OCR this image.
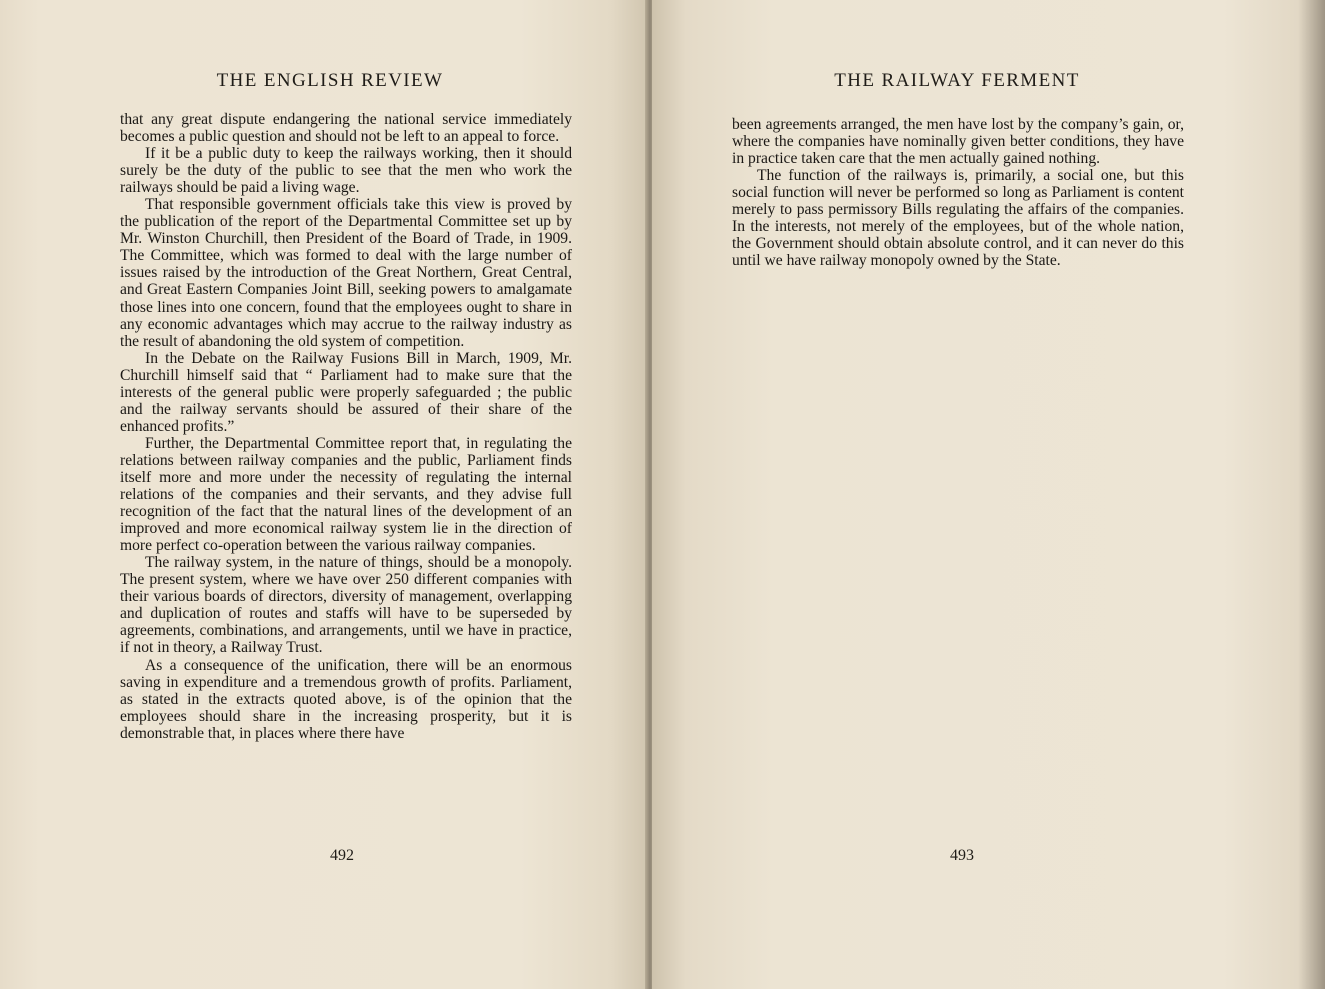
THE ENGLISH REVIEW

that any great dispute endangering the national service immediately becomes a public question and should not be left to an appeal to force.

If it be a public duty to keep the railways working, then it should surely be the duty of the public to see that the men who work the railways should be paid a living wage.

That responsible government officials take this view is proved by the publication of the report of the Departmental Committee set up by Mr. Winston Churchill, then President of the Board of Trade, in 1909. The Committee, which was formed to deal with the large number of issues raised by the introduction of the Great Northern, Great Central, and Great Eastern Companies Joint Bill, seeking powers to amalgamate those lines into one concern, found that the employees ought to share in any economic advantages which may accrue to the railway industry as the result of abandoning the old system of competition.

In the Debate on the Railway Fusions Bill in March, 1909, Mr. Churchill himself said that “ Parliament had to make sure that the interests of the general public were properly safeguarded ; the public and the railway servants should be assured of their share of the enhanced profits.”

Further, the Departmental Committee report that, in regulating the relations between railway companies and the public, Parliament finds itself more and more under the necessity of regulating the internal relations of the companies and their servants, and they advise full recognition of the fact that the natural lines of the development of an improved and more economical railway system lie in the direction of more perfect co-operation between the various railway companies.

The railway system, in the nature of things, should be a monopoly. The present system, where we have over 250 different companies with their various boards of directors, diversity of management, overlapping and duplication of routes and staffs will have to be superseded by agreements, combinations, and arrangements, until we have in practice, if not in theory, a Railway Trust.

As a consequence of the unification, there will be an enormous saving in expenditure and a tremendous growth of profits. Parliament, as stated in the extracts quoted above, is of the opinion that the employees should share in the increasing prosperity, but it is demonstrable that, in places where there have

492
THE RAILWAY FERMENT

been agreements arranged, the men have lost by the company’s gain, or, where the companies have nominally given better conditions, they have in practice taken care that the men actually gained nothing.

The function of the railways is, primarily, a social one, but this social function will never be performed so long as Parliament is content merely to pass permissory Bills regulating the affairs of the companies. In the interests, not merely of the employees, but of the whole nation, the Government should obtain absolute control, and it can never do this until we have railway monopoly owned by the State.

493
